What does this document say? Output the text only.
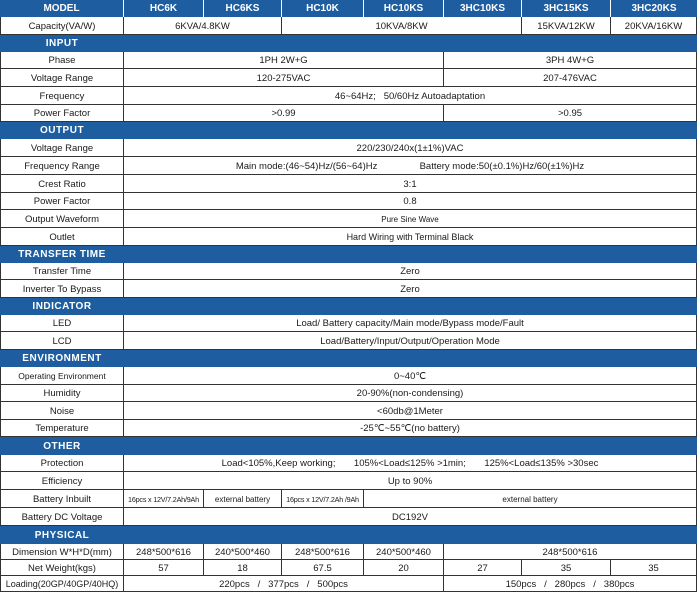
MODEL	HC6K	HC6KS	HC10K	HC10KS	3HC10KS	3HC15KS	3HC20KS
Capacity(VA/W)	6KVA/4.8KW	10KVA/8KW	15KVA/12KW	20KVA/16KW
INPUT
Phase	1PH 2W+G	3PH 4W+G
Voltage Range	120-275VAC	207-476VAC
Frequency	46~64Hz;   50/60Hz Autoadaptation
Power Factor	>0.99	>0.95
OUTPUT
Voltage Range	220/230/240x(1±1%)VAC
Frequency Range	Main mode:(46~54)Hz/(56~64)Hz                Battery mode:50(±0.1%)Hz/60(±1%)Hz
Crest Ratio	3:1
Power Factor	0.8
Output Waveform	Pure Sine Wave
Outlet	Hard Wiring with Terminal Black
TRANSFER TIME
Transfer Time	Zero
Inverter To Bypass	Zero
INDICATOR
LED	Load/ Battery capacity/Main mode/Bypass mode/Fault
LCD	Load/Battery/Input/Output/Operation Mode
ENVIRONMENT
Operating Environment	0~40℃
Humidity	20-90%(non-condensing)
Noise	<60db@1Meter
Temperature	-25℃~55℃(no battery)
OTHER
Protection	Load<105%,Keep working;       105%<Load≤125% >1min;       125%<Load≤135% >30sec
Efficiency	Up to 90%
Battery Inbuilt	16pcs x 12V/7.2Ah/9Ah	external battery	16pcs x 12V/7.2Ah /9Ah	external battery
Battery DC Voltage	DC192V
PHYSICAL
Dimension W*H*D(mm)	248*500*616	240*500*460	248*500*616	240*500*460	248*500*616
Net Weight(kgs)	57	18	67.5	20	27	35	35
Loading(20GP/40GP/40HQ)	220pcs   /   377pcs   /   500pcs	150pcs   /   280pcs   /   380pcs
